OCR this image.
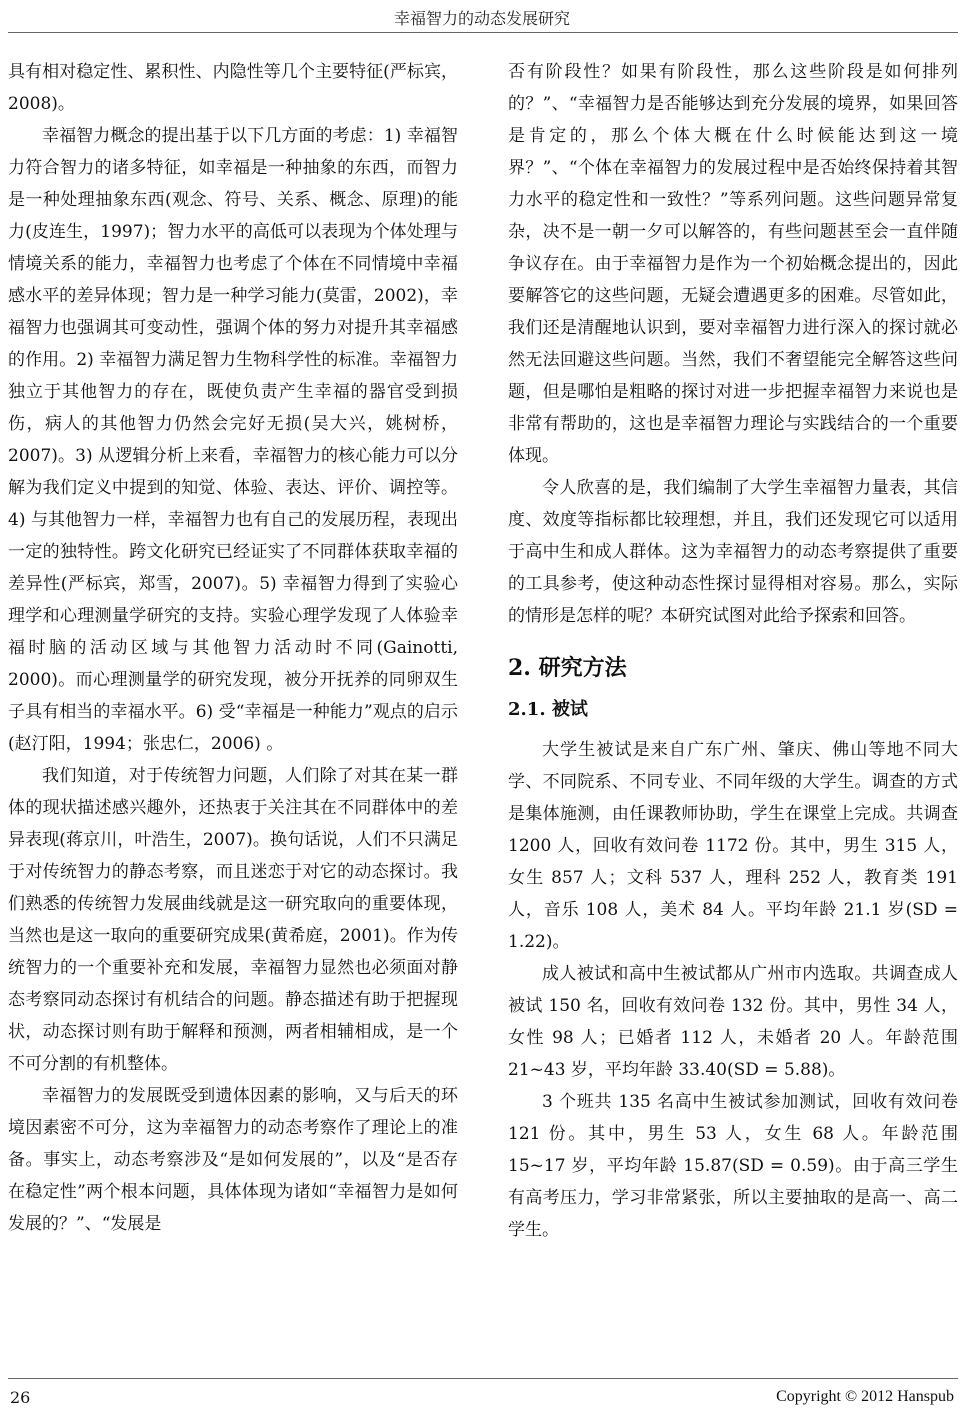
幸福智力的动态发展研究

具有相对稳定性、累积性、内隐性等几个主要特征(严标宾，2008)。

幸福智力概念的提出基于以下几方面的考虑：1) 幸福智力符合智力的诸多特征，如幸福是一种抽象的东西，而智力是一种处理抽象东西(观念、符号、关系、概念、原理)的能力(皮连生，1997)；智力水平的高低可以表现为个体处理与情境关系的能力，幸福智力也考虑了个体在不同情境中幸福感水平的差异体现；智力是一种学习能力(莫雷，2002)，幸福智力也强调其可变动性，强调个体的努力对提升其幸福感的作用。2) 幸福智力满足智力生物科学性的标准。幸福智力独立于其他智力的存在，既使负责产生幸福的器官受到损伤，病人的其他智力仍然会完好无损(吴大兴，姚树桥，2007)。3) 从逻辑分析上来看，幸福智力的核心能力可以分解为我们定义中提到的知觉、体验、表达、评价、调控等。4) 与其他智力一样，幸福智力也有自己的发展历程，表现出一定的独特性。跨文化研究已经证实了不同群体获取幸福的差异性(严标宾，郑雪，2007)。5) 幸福智力得到了实验心理学和心理测量学研究的支持。实验心理学发现了人体验幸福时脑的活动区域与其他智力活动时不同(Gainotti, 2000)。而心理测量学的研究发现，被分开抚养的同卵双生子具有相当的幸福水平。6) 受“幸福是一种能力”观点的启示(赵汀阳，1994；张忠仁，2006) 。

我们知道，对于传统智力问题，人们除了对其在某一群体的现状描述感兴趣外，还热衷于关注其在不同群体中的差异表现(蒋京川，叶浩生，2007)。换句话说，人们不只满足于对传统智力的静态考察，而且迷恋于对它的动态探讨。我们熟悉的传统智力发展曲线就是这一研究取向的重要体现，当然也是这一取向的重要研究成果(黄希庭，2001)。作为传统智力的一个重要补充和发展，幸福智力显然也必须面对静态考察同动态探讨有机结合的问题。静态描述有助于把握现状，动态探讨则有助于解释和预测，两者相辅相成，是一个不可分割的有机整体。

幸福智力的发展既受到遗体因素的影响，又与后天的环境因素密不可分，这为幸福智力的动态考察作了理论上的准备。事实上，动态考察涉及“是如何发展的”，以及“是否存在稳定性”两个根本问题，具体体现为诸如“幸福智力是如何发展的？”、“发展是

否有阶段性？如果有阶段性，那么这些阶段是如何排列的？”、“幸福智力是否能够达到充分发展的境界，如果回答是肯定的，那么个体大概在什么时候能达到这一境界？”、“个体在幸福智力的发展过程中是否始终保持着其智力水平的稳定性和一致性？”等系列问题。这些问题异常复杂，决不是一朝一夕可以解答的，有些问题甚至会一直伴随争议存在。由于幸福智力是作为一个初始概念提出的，因此要解答它的这些问题，无疑会遭遇更多的困难。尽管如此，我们还是清醒地认识到，要对幸福智力进行深入的探讨就必然无法回避这些问题。当然，我们不奢望能完全解答这些问题，但是哪怕是粗略的探讨对进一步把握幸福智力来说也是非常有帮助的，这也是幸福智力理论与实践结合的一个重要体现。

令人欣喜的是，我们编制了大学生幸福智力量表，其信度、效度等指标都比较理想，并且，我们还发现它可以适用于高中生和成人群体。这为幸福智力的动态考察提供了重要的工具参考，使这种动态性探讨显得相对容易。那么，实际的情形是怎样的呢？本研究试图对此给予探索和回答。

2. 研究方法
2.1. 被试

大学生被试是来自广东广州、肇庆、佛山等地不同大学、不同院系、不同专业、不同年级的大学生。调查的方式是集体施测，由任课教师协助，学生在课堂上完成。共调查 1200 人，回收有效问卷 1172 份。其中，男生 315 人，女生 857 人；文科 537 人，理科 252 人，教育类 191 人，音乐 108 人，美术 84 人。平均年龄 21.1 岁(SD = 1.22)。

成人被试和高中生被试都从广州市内选取。共调查成人被试 150 名，回收有效问卷 132 份。其中，男性 34 人，女性 98 人；已婚者 112 人，未婚者 20 人。年龄范围 21~43 岁，平均年龄 33.40(SD = 5.88)。

3 个班共 135 名高中生被试参加测试，回收有效问卷 121 份。其中，男生 53 人，女生 68 人。年龄范围 15~17 岁，平均年龄 15.87(SD = 0.59)。由于高三学生有高考压力，学习非常紧张，所以主要抽取的是高一、高二学生。

26	Copyright © 2012 Hanspub
